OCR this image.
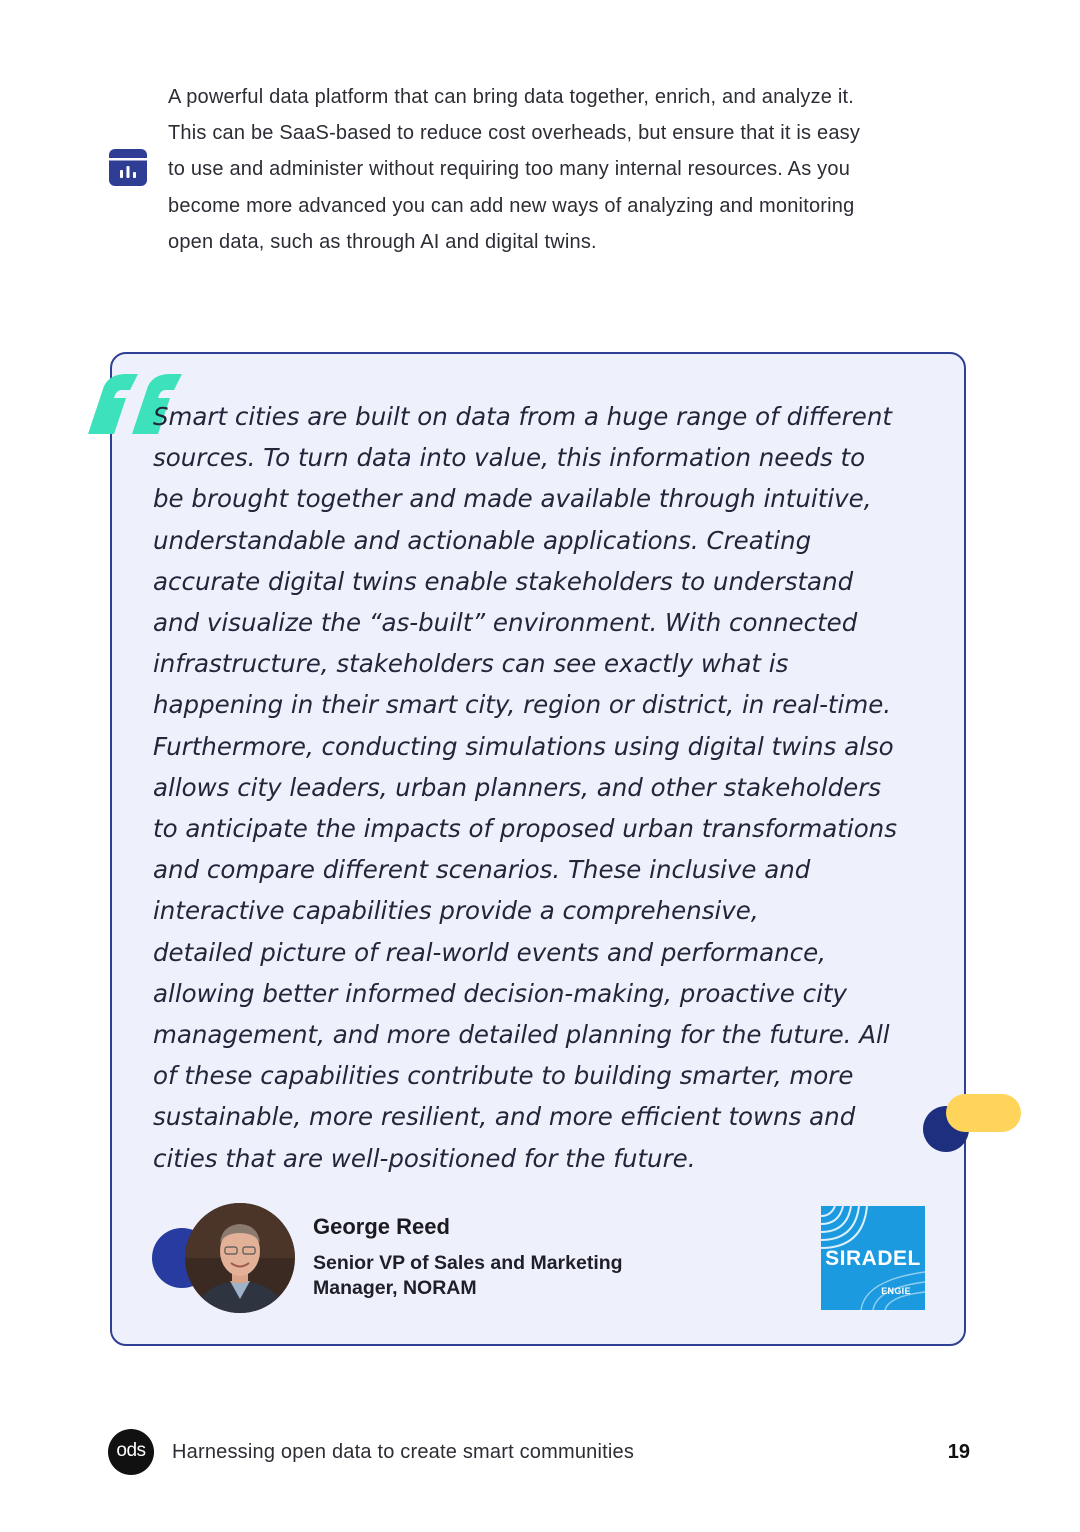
A powerful data platform that can bring data together, enrich, and analyze it.
This can be SaaS-based to reduce cost overheads, but ensure that it is easy
to use and administer without requiring too many internal resources. As you
become more advanced you can add new ways of analyzing and monitoring
open data, such as through AI and digital twins.
Smart cities are built on data from a huge range of different
sources. To turn data into value, this information needs to
be brought together and made available through intuitive,
understandable and actionable applications. Creating
accurate digital twins enable stakeholders to understand
and visualize the “as-built” environment. With connected
infrastructure, stakeholders can see exactly what is
happening in their smart city, region or district, in real-time.
Furthermore, conducting simulations using digital twins also
allows city leaders, urban planners, and other stakeholders
to anticipate the impacts of proposed urban transformations
and compare different scenarios. These inclusive and
interactive capabilities provide a comprehensive,
detailed picture of real-world events and performance,
allowing better informed decision-making, proactive city
management, and more detailed planning for the future. All
of these capabilities contribute to building smarter, more
sustainable, more resilient, and more efficient towns and
cities that are well-positioned for the future.
George Reed
Senior VP of Sales and Marketing
Manager, NORAM
SIRADEL
ENGIE
ods	Harnessing open data to create smart communities	19
